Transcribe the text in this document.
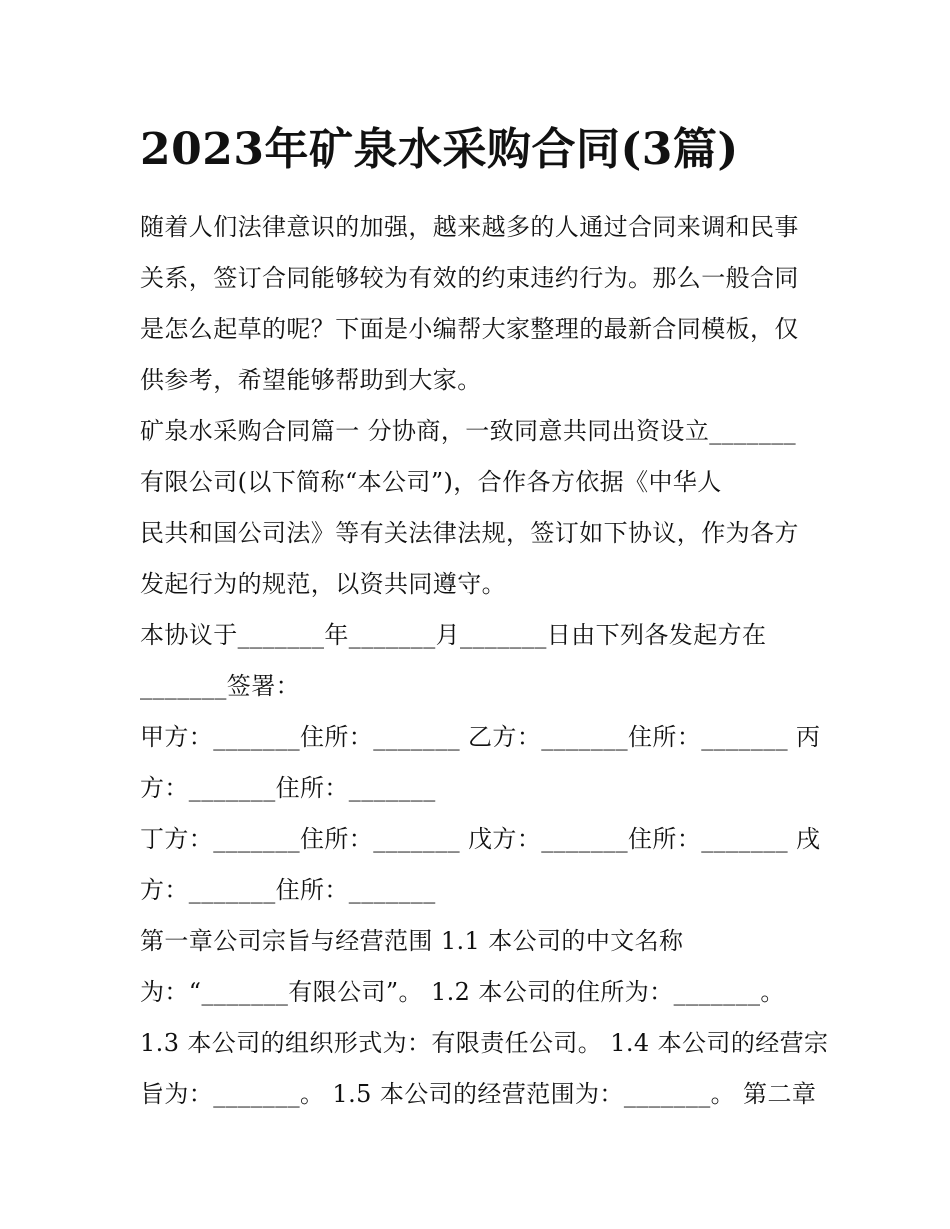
2023年矿泉水采购合同(3篇)
随着人们法律意识的加强，越来越多的人通过合同来调和民事
关系，签订合同能够较为有效的约束违约行为。那么一般合同
是怎么起草的呢？下面是小编帮大家整理的最新合同模板，仅
供参考，希望能够帮助到大家。
矿泉水采购合同篇一 分协商，一致同意共同出资设立_______
有限公司(以下简称“本公司”)，合作各方依据《中华人
民共和国公司法》等有关法律法规，签订如下协议，作为各方
发起行为的规范，以资共同遵守。
本协议于_______年_______月_______日由下列各发起方在
_______签署：
甲方：_______住所：_______ 乙方：_______住所：_______ 丙
方：_______住所：_______
丁方：_______住所：_______ 戊方：_______住所：_______ 戌
方：_______住所：_______
第一章公司宗旨与经营范围 1.1 本公司的中文名称
为：“_______有限公司”。 1.2 本公司的住所为：_______。
1.3 本公司的组织形式为：有限责任公司。 1.4 本公司的经营宗
旨为：_______。 1.5 本公司的经营范围为：_______。 第二章
